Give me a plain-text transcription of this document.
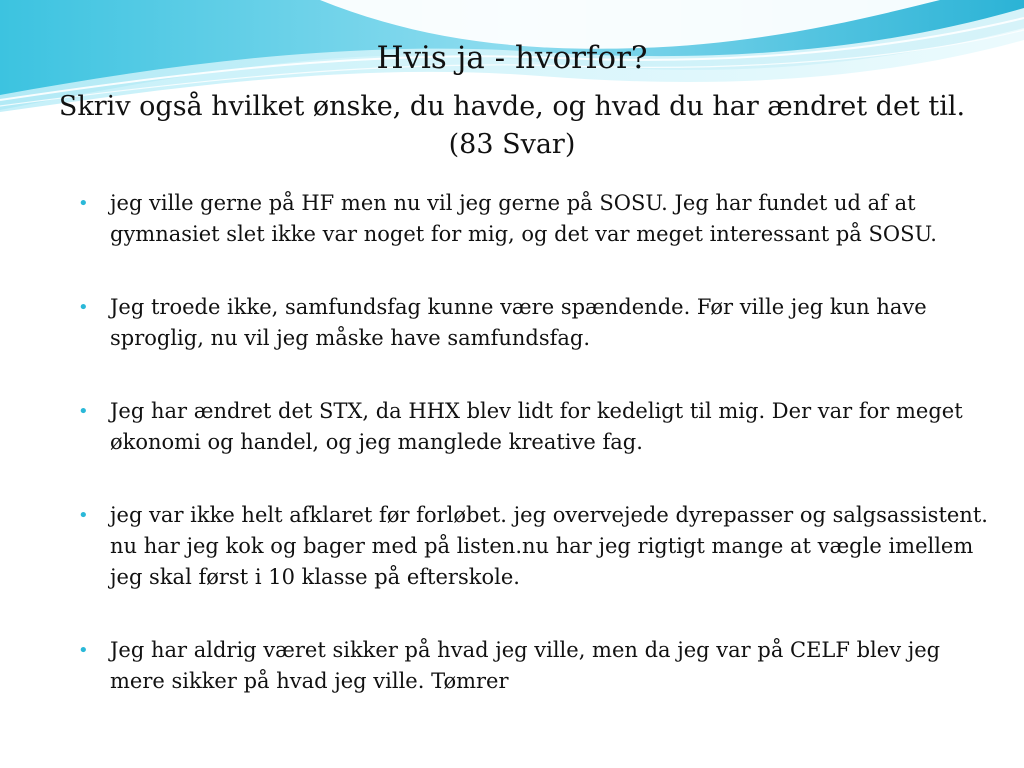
Hvis ja - hvorfor?
Skriv også hvilket ønske, du havde, og hvad du har ændret det til.
(83 Svar)
• jeg ville gerne på HF men nu vil jeg gerne på SOSU. Jeg har fundet ud af at gymnasiet slet ikke var noget for mig, og det var meget interessant på SOSU.
• Jeg troede ikke, samfundsfag kunne være spændende. Før ville jeg kun have sproglig, nu vil jeg måske have samfundsfag.
• Jeg har ændret det STX, da HHX blev lidt for kedeligt til mig. Der var for meget økonomi og handel, og jeg manglede kreative fag.
• jeg var ikke helt afklaret før forløbet. jeg overvejede dyrepasser og salgsassistent. nu har jeg kok og bager med på listen.nu har jeg rigtigt mange at vægle imellem jeg skal først i 10 klasse på efterskole.
• Jeg har aldrig været sikker på hvad jeg ville, men da jeg var på CELF blev jeg mere sikker på hvad jeg ville. Tømrer
